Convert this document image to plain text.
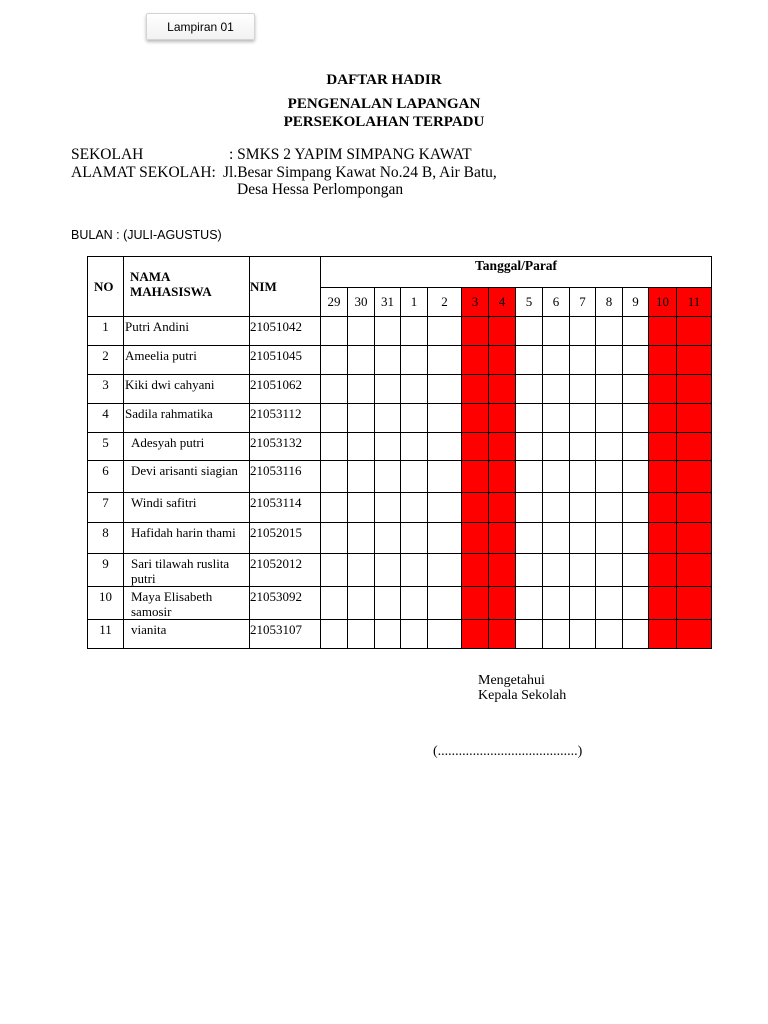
Lampiran 01
DAFTAR HADIR
PENGENALAN LAPANGAN
PERSEKOLAHAN TERPADU
SEKOLAH	: SMKS 2 YAPIM SIMPANG KAWAT
ALAMAT SEKOLAH: Jl.Besar Simpang Kawat No.24 B, Air Batu,
Desa Hessa Perlompongan
BULAN : (JULI-AGUSTUS)
NO	NAMA MAHASISWA	NIM	Tanggal/Paraf													
			29	30	31	1	2	3	4	5	6	7	8	9	10	11
1	Putri Andini	21051042														
2	Ameelia putri	21051045														
3	Kiki dwi cahyani	21051062														
4	Sadila rahmatika	21053112														
5	Adesyah putri	21053132														
6	Devi arisanti siagian	21053116														
7	Windi safitri	21053114														
8	Hafidah harin thami	21052015														
9	Sari tilawah ruslita putri	21052012														
10	Maya Elisabeth samosir	21053092														
11	vianita	21053107														
Mengetahui
Kepala Sekolah
(........................................)
